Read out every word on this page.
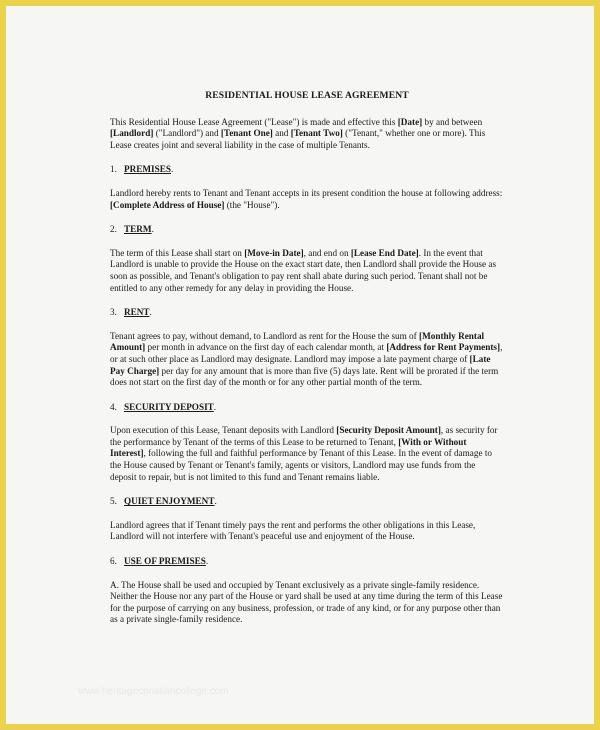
RESIDENTIAL HOUSE LEASE AGREEMENT
This Residential House Lease Agreement ("Lease") is made and effective this [Date] by and between [Landlord] ("Landlord") and [Tenant One] and [Tenant Two] ("Tenant," whether one or more). This Lease creates joint and several liability in the case of multiple Tenants.
1. PREMISES.
Landlord hereby rents to Tenant and Tenant accepts in its present condition the house at following address: [Complete Address of House] (the "House").
2. TERM.
The term of this Lease shall start on [Move-in Date], and end on [Lease End Date]. In the event that Landlord is unable to provide the House on the exact start date, then Landlord shall provide the House as soon as possible, and Tenant's obligation to pay rent shall abate during such period. Tenant shall not be entitled to any other remedy for any delay in providing the House.
3. RENT.
Tenant agrees to pay, without demand, to Landlord as rent for the House the sum of [Monthly Rental Amount] per month in advance on the first day of each calendar month, at [Address for Rent Payments], or at such other place as Landlord may designate. Landlord may impose a late payment charge of [Late Pay Charge] per day for any amount that is more than five (5) days late. Rent will be prorated if the term does not start on the first day of the month or for any other partial month of the term.
4. SECURITY DEPOSIT.
Upon execution of this Lease, Tenant deposits with Landlord [Security Deposit Amount], as security for the performance by Tenant of the terms of this Lease to be returned to Tenant, [With or Without Interest], following the full and faithful performance by Tenant of this Lease. In the event of damage to the House caused by Tenant or Tenant's family, agents or visitors, Landlord may use funds from the deposit to repair, but is not limited to this fund and Tenant remains liable.
5. QUIET ENJOYMENT.
Landlord agrees that if Tenant timely pays the rent and performs the other obligations in this Lease, Landlord will not interfere with Tenant's peaceful use and enjoyment of the House.
6. USE OF PREMISES.
A. The House shall be used and occupied by Tenant exclusively as a private single-family residence. Neither the House nor any part of the House or yard shall be used at any time during the term of this Lease for the purpose of carrying on any business, profession, or trade of any kind, or for any purpose other than as a private single-family residence.
www.heritagechristiancollege.com
